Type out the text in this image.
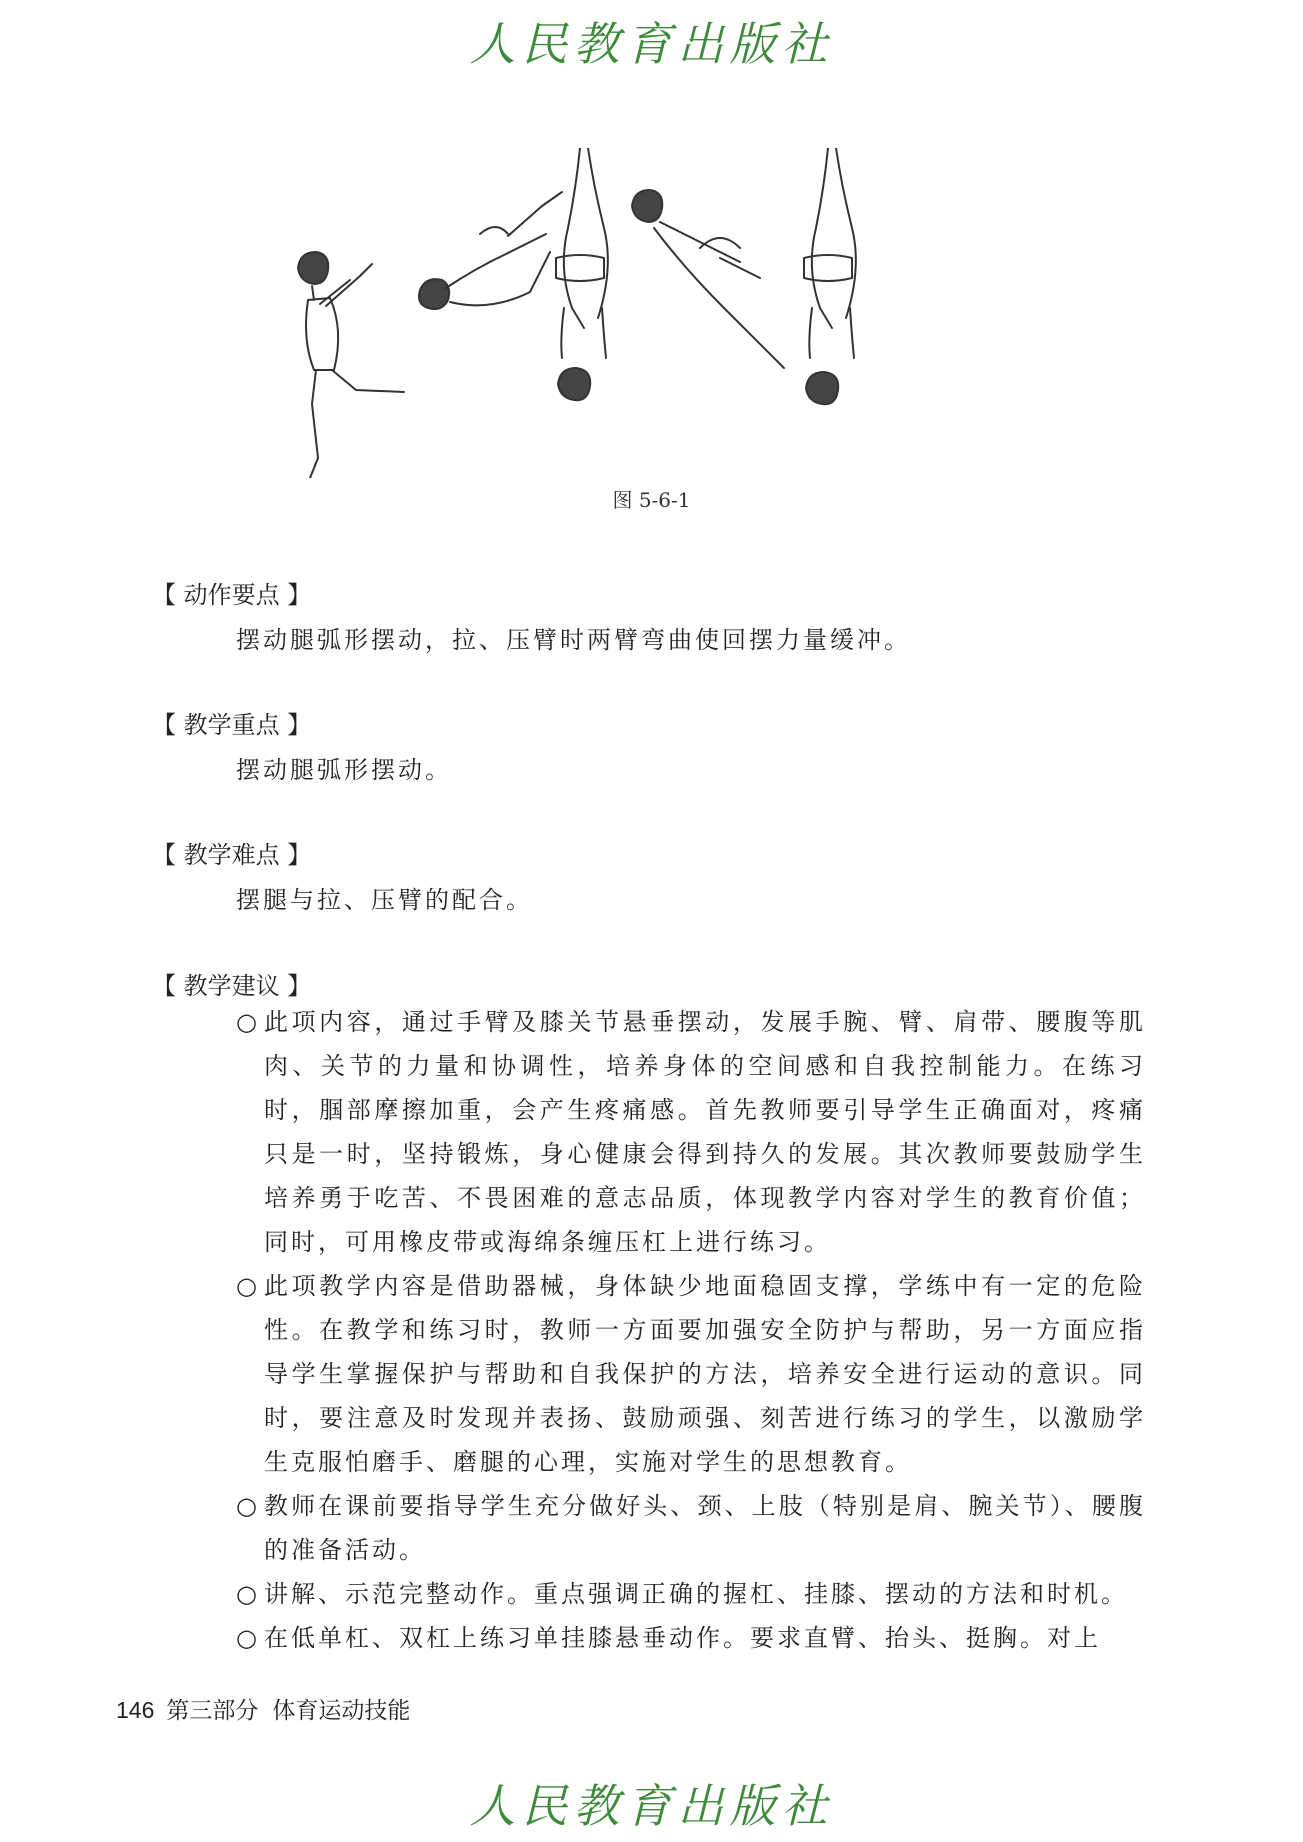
人民教育出版社
图 5-6-1
【 动作要点 】
摆动腿弧形摆动，拉、压臂时两臂弯曲使回摆力量缓冲。
【 教学重点 】
摆动腿弧形摆动。
【 教学难点 】
摆腿与拉、压臂的配合。
【 教学建议 】
○ 此项内容，通过手臂及膝关节悬垂摆动，发展手腕、臂、肩带、腰腹等肌肉、关节的力量和协调性，培养身体的空间感和自我控制能力。在练习时，腘部摩擦加重，会产生疼痛感。首先教师要引导学生正确面对，疼痛只是一时，坚持锻炼，身心健康会得到持久的发展。其次教师要鼓励学生培养勇于吃苦、不畏困难的意志品质，体现教学内容对学生的教育价值；同时，可用橡皮带或海绵条缠压杠上进行练习。
○ 此项教学内容是借助器械，身体缺少地面稳固支撑，学练中有一定的危险性。在教学和练习时，教师一方面要加强安全防护与帮助，另一方面应指导学生掌握保护与帮助和自我保护的方法，培养安全进行运动的意识。同时，要注意及时发现并表扬、鼓励顽强、刻苦进行练习的学生，以激励学生克服怕磨手、磨腿的心理，实施对学生的思想教育。
○ 教师在课前要指导学生充分做好头、颈、上肢（特别是肩、腕关节）、腰腹的准备活动。
○ 讲解、示范完整动作。重点强调正确的握杠、挂膝、摆动的方法和时机。
○ 在低单杠、双杠上练习单挂膝悬垂动作。要求直臂、抬头、挺胸。对上
146 第三部分 体育运动技能
人民教育出版社
